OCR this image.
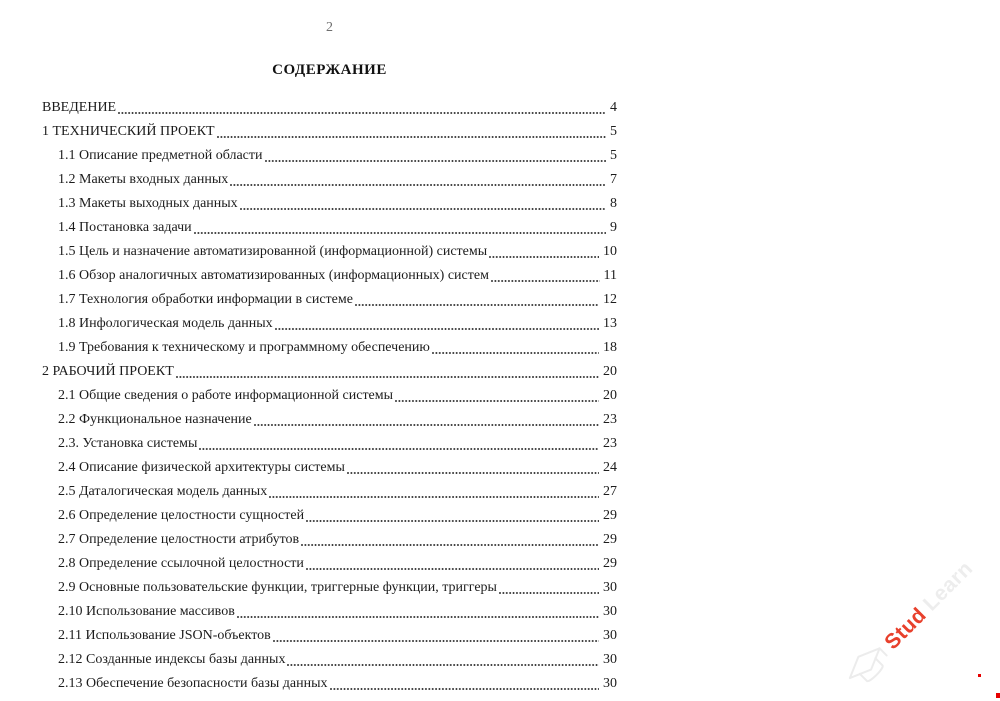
2
СОДЕРЖАНИЕ
ВВЕДЕНИЕ	4
1 ТЕХНИЧЕСКИЙ ПРОЕКТ	5
1.1 Описание предметной области	5
1.2 Макеты входных данных	7
1.3 Макеты выходных данных	8
1.4 Постановка задачи	9
1.5 Цель и назначение автоматизированной (информационной) системы	10
1.6 Обзор аналогичных автоматизированных (информационных) систем	11
1.7 Технология обработки информации в системе	12
1.8 Инфологическая модель данных	13
1.9 Требования к техническому и программному обеспечению	18
2 РАБОЧИЙ ПРОЕКТ	20
2.1 Общие сведения о работе информационной системы	20
2.2 Функциональное назначение	23
2.3. Установка системы	23
2.4 Описание физической архитектуры системы	24
2.5 Даталогическая модель данных	27
2.6 Определение целостности сущностей	29
2.7 Определение целостности атрибутов	29
2.8 Определение ссылочной целостности	29
2.9 Основные пользовательские функции, триггерные функции, триггеры	30
2.10 Использование массивов	30
2.11 Использование JSON-объектов	30
2.12 Созданные индексы базы данных	30
2.13 Обеспечение безопасности базы данных	30
Stud
Learn
